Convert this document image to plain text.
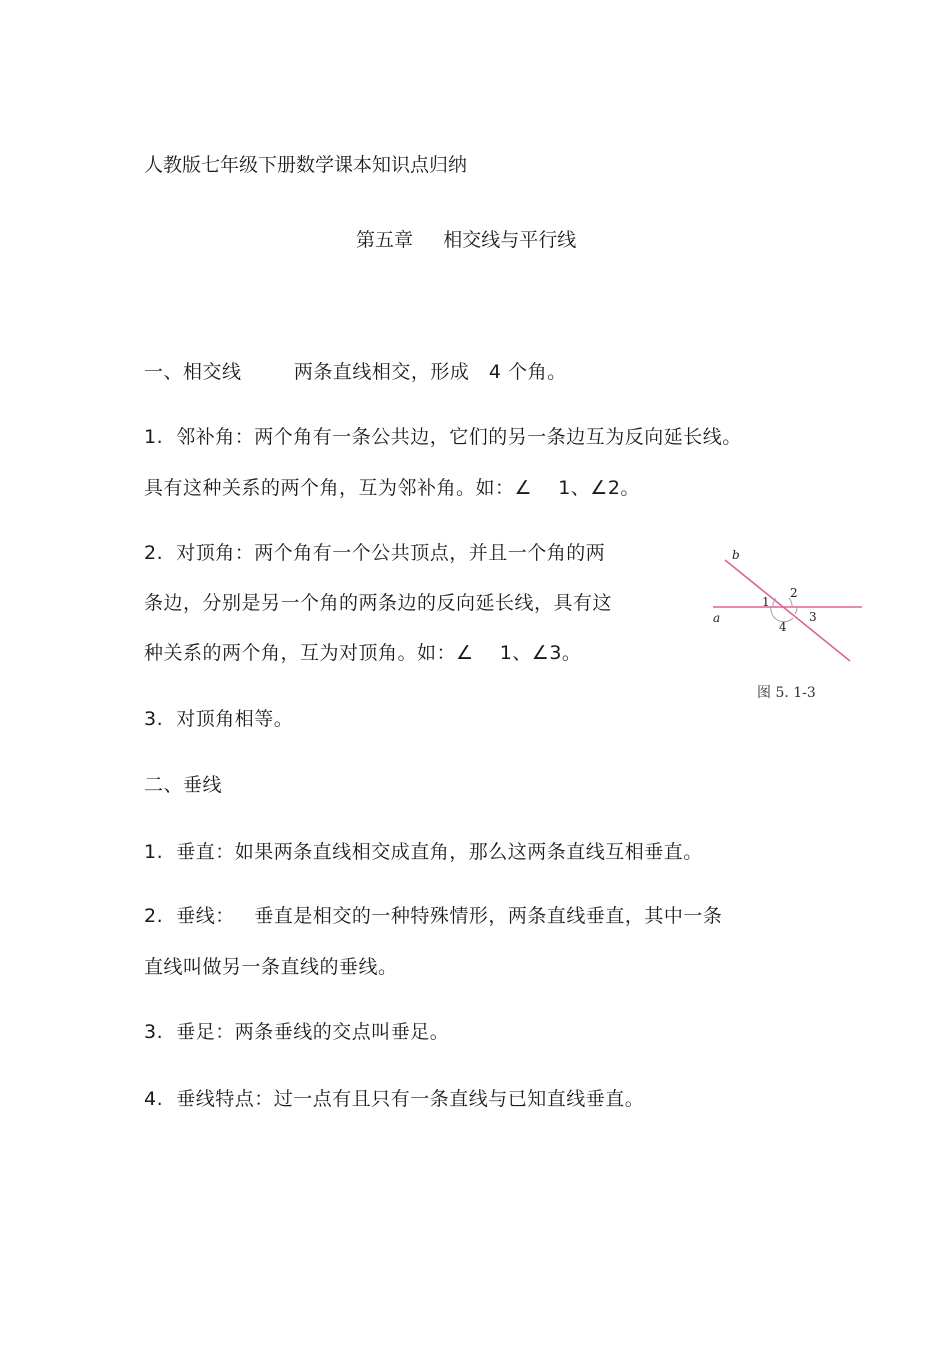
人教版七年级下册数学课本知识点归纳
第五章     相交线与平行线
一、相交线        两条直线相交，形成   4 个角。
1.  邻补角：两个角有一条公共边，它们的另一条边互为反向延长线。
具有这种关系的两个角，互为邻补角。如：∠    1、∠2。
2.  对顶角：两个角有一个公共顶点，并且一个角的两
条边，分别是另一个角的两条边的反向延长线，具有这
种关系的两个角，互为对顶角。如：∠    1、∠3。
3.  对顶角相等。
b
a
1
2
3
4
图 5. 1-3
二、垂线
1.  垂直：如果两条直线相交成直角，那么这两条直线互相垂直。
2.  垂线：   垂直是相交的一种特殊情形，两条直线垂直，其中一条
直线叫做另一条直线的垂线。
3.  垂足：两条垂线的交点叫垂足。
4.  垂线特点：过一点有且只有一条直线与已知直线垂直。
